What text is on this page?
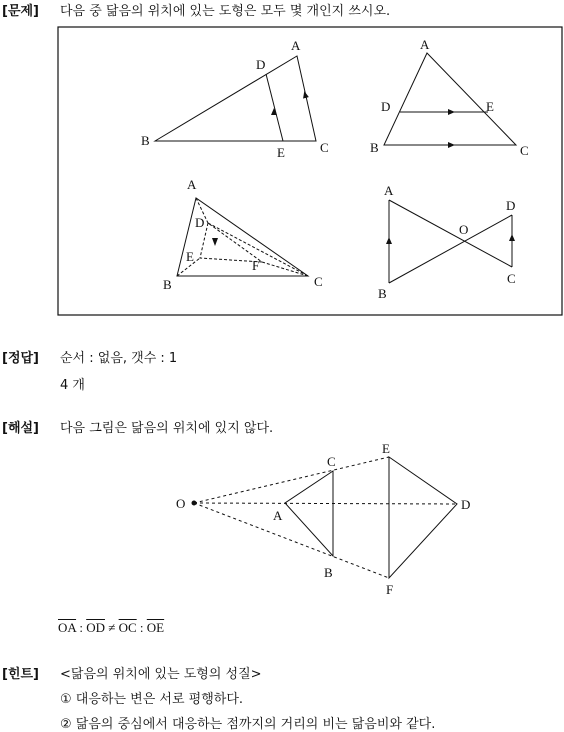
[문제] 다음 중 닮음의 위치에 있는 도형은 모두 몇 개인지 쓰시오.
A
D
B
E	C
A
D	E
B	C
A
D
E
F
B	C
A
D
O
C
B
[정답] 순서 : 없음, 갯수 : 1
4 개
[해설] 다음 그림은 닮음의 위치에 있지 않다.
O
A
C
B
E
D
F
$\overline{OA}$ : $\overline{OD} \ne \overline{OC}$ : $\overline{OE}$
[힌트] <닮음의 위치에 있는 도형의 성질>
① 대응하는 변은 서로 평행하다.
② 닮음의 중심에서 대응하는 점까지의 거리의 비는 닮음비와 같다.
